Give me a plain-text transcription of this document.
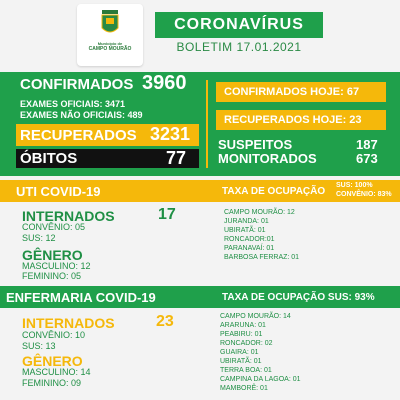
Município de
CAMPO MOURÃO
CORONAVÍRUS
BOLETIM 17.01.2021
CONFIRMADOS 3960
EXAMES OFICIAIS: 3471
EXAMES NÃO OFICIAIS: 489
RECUPERADOS 3231
ÓBITOS	77
CONFIRMADOS HOJE: 67
RECUPERADOS HOJE: 23
SUSPEITOS	187
MONITORADOS	673
UTI COVID-19	TAXA DE OCUPAÇÃO
SUS: 100%
CONVÊNIO: 83%
INTERNADOS	17
CONVÊNIO: 05
SUS: 12
GÊNERO
MASCULINO: 12
FEMININO: 05
CAMPO MOURÃO: 12
JURANDA: 01
UBIRATÃ: 01
RONCADOR:01
PARANAVAÍ: 01
BARBOSA FERRAZ: 01
ENFERMARIA COVID-19	TAXA DE OCUPAÇÃO SUS: 93%
INTERNADOS	23
CONVÊNIO: 10
SUS: 13
GÊNERO
MASCULINO: 14
FEMININO: 09
CAMPO MOURÃO: 14
ARARUNA: 01
PEABIRU: 01
RONCADOR: 02
GUAIRA: 01
UBIRATÃ: 01
TERRA BOA: 01
CAMPINA DA LAGOA: 01
MAMBORÊ: 01
